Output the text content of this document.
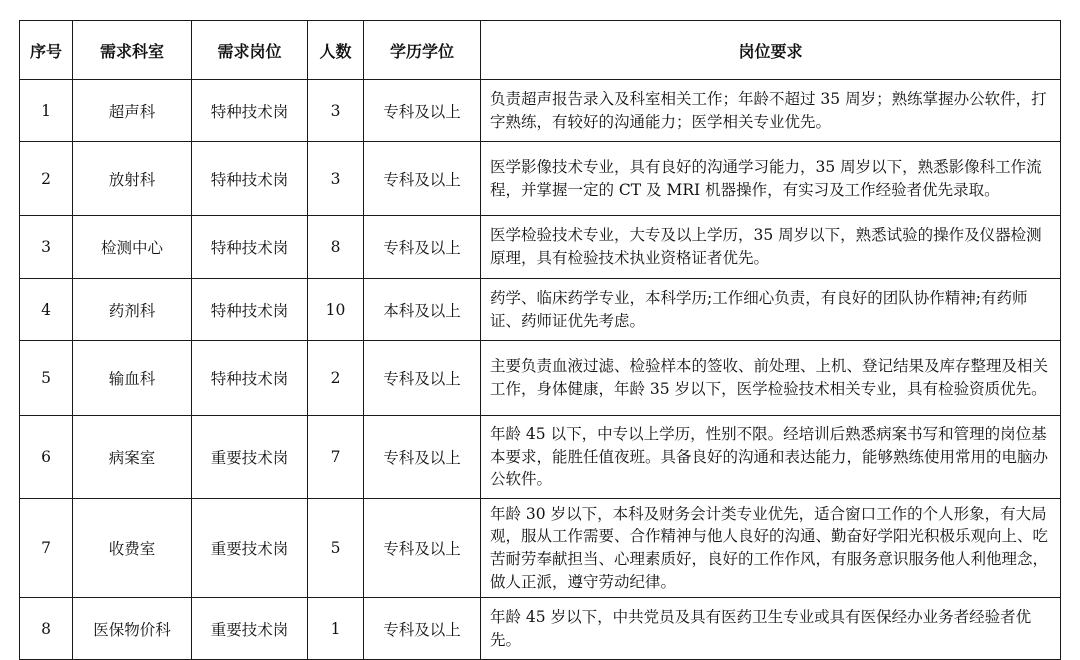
序号	需求科室	需求岗位	人数	学历学位	岗位要求
1	超声科	特种技术岗	3	专科及以上	负责超声报告录入及科室相关工作；年龄不超过 35 周岁；熟练掌握办公软件，打字熟练，有较好的沟通能力；医学相关专业优先。
2	放射科	特种技术岗	3	专科及以上	医学影像技术专业，具有良好的沟通学习能力，35 周岁以下，熟悉影像科工作流程，并掌握一定的 CT 及 MRI 机器操作，有实习及工作经验者优先录取。
3	检测中心	特种技术岗	8	专科及以上	医学检验技术专业，大专及以上学历，35 周岁以下，熟悉试验的操作及仪器检测原理，具有检验技术执业资格证者优先。
4	药剂科	特种技术岗	10	本科及以上	药学、临床药学专业，本科学历;工作细心负责，有良好的团队协作精神;有药师证、药师证优先考虑。
5	输血科	特种技术岗	2	专科及以上	主要负责血液过滤、检验样本的签收、前处理、上机、登记结果及库存整理及相关工作，身体健康，年龄 35 岁以下，医学检验技术相关专业，具有检验资质优先。
6	病案室	重要技术岗	7	专科及以上	年龄 45 以下，中专以上学历，性别不限。经培训后熟悉病案书写和管理的岗位基本要求，能胜任值夜班。具备良好的沟通和表达能力，能够熟练使用常用的电脑办公软件。
7	收费室	重要技术岗	5	专科及以上	年龄 30 岁以下，本科及财务会计类专业优先，适合窗口工作的个人形象，有大局观，服从工作需要、合作精神与他人良好的沟通、勤奋好学阳光积极乐观向上、吃苦耐劳奉献担当、心理素质好，良好的工作作风，有服务意识服务他人利他理念，做人正派，遵守劳动纪律。
8	医保物价科	重要技术岗	1	专科及以上	年龄 45 岁以下，中共党员及具有医药卫生专业或具有医保经办业务者经验者优先。
